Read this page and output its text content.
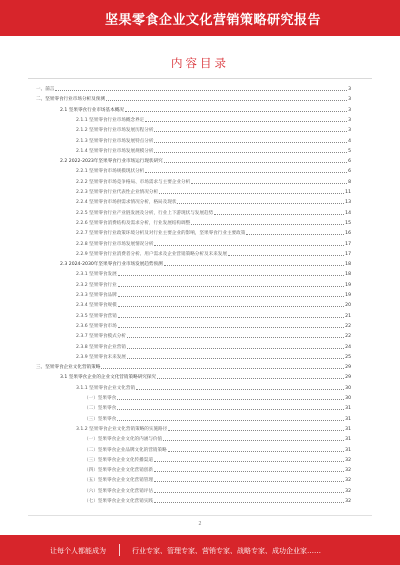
坚果零食企业文化营销策略研究报告
内容目录
一、前言	3
二、坚果零食行业市场分析及预测	3
2.1 坚果零食行业市场基本概况	3
2.1.1 坚果零食行业市场概念界定	3
2.1.2 坚果零食行业市场发展历程分析	3
2.1.3 坚果零食行业市场发展特点分析	4
2.1.4 坚果零食行业市场发展规模分析	5
2.2 2022-2023年坚果零食行业市场运行现状研究	6
2.2.1 坚果零食市场规模现状分析	6
2.2.2 坚果零食市场竞争格局、市场需求与主要企业分析	8
2.2.3 坚果零食行业代表性企业情况分析	11
2.2.4 坚果零食市场供需求情况分析，格局及现状	13
2.2.5 坚果零食行业产业链发展及分析，行业上下游现状与发展趋势	14
2.2.6 坚果零食消费结构及需求分析，行业发展结构调整	15
2.2.7 坚果零食行业政策环境分析及对行业主要企业的影响，坚果零食行业主要政策	16
2.2.8 坚果零食行业市场发展情况分析	17
2.2.9 坚果零食行业消费者分析、用户需求及企业营销策略分析及未来发展	17
2.3 2024-2030年坚果零食行业市场发展趋势预测	18
2.3.1 坚果零食发展	18
2.3.2 坚果零食行业	19
2.3.3 坚果零食品牌	19
2.3.4 坚果零食规模	20
2.3.5 坚果零食营销	21
2.3.6 坚果零食市场	22
2.3.7 坚果零食模式分析	22
2.3.8 坚果零食企业营销	24
2.3.9 坚果零食未来发展	25
三、坚果零食企业文化营销策略	29
3.1 坚果零食企业的企业文化营销策略研究探究	29
3.1.1 坚果零食企业文化营销	30
（一）坚果零食	30
（二）坚果零食	31
（三）坚果零食	31
3.1.2 坚果零食企业文化营销策略的实施路径	31
（一）坚果零食企业文化的内涵与价值	31
（二）坚果零食企业品牌文化的营销策略	31
（三）坚果零食企业文化传播渠道	32
（四）坚果零食企业文化营销创新	32
（五）坚果零食企业文化营销管理	32
（六）坚果零食企业文化营销评估	32
（七）坚果零食企业文化营销实践	32
2
让每个人都能成为	行业专家、管理专家、营销专家、战略专家、成功企业家……
